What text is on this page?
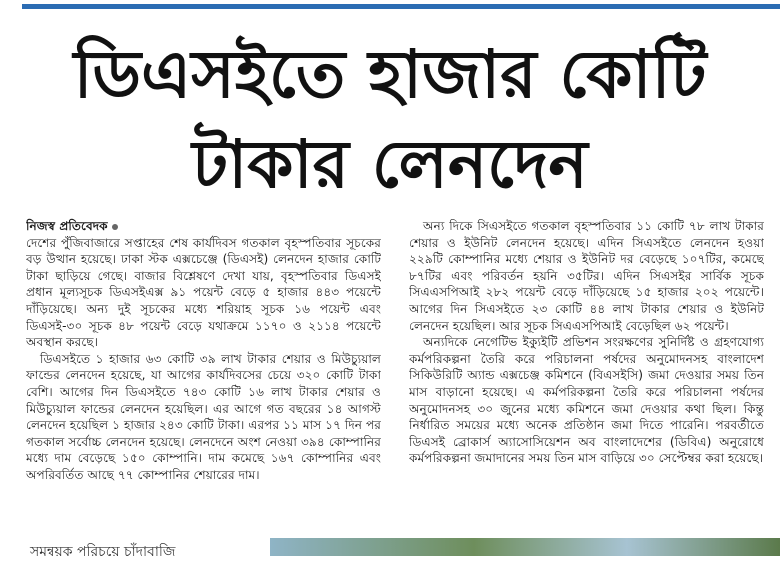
ডিএসইতে হাজার কোটি
টাকার লেনদেন

নিজস্ব প্রতিবেদক

দেশের পুঁজিবাজারে সপ্তাহের শেষ কার্যদিবস গতকাল বৃহস্পতিবার সূচকের বড় উত্থান হয়েছে। ঢাকা স্টক এক্সচেঞ্জে (ডিএসই) লেনদেন হাজার কোটি টাকা ছাড়িয়ে গেছে। বাজার বিশ্লেষণে দেখা যায়, বৃহস্পতিবার ডিএসই প্রধান মূল্যসূচক ডিএসইএক্স ৯১ পয়েন্ট বেড়ে ৫ হাজার ৪৪৩ পয়েন্টে দাঁড়িয়েছে। অন্য দুই সূচকের মধ্যে শরিয়াহ সূচক ১৬ পয়েন্ট এবং ডিএসই-৩০ সূচক ৪৮ পয়েন্ট বেড়ে যথাক্রমে ১১৭০ ও ২১১৪ পয়েন্টে অবস্থান করছে।

ডিএসইতে ১ হাজার ৬৩ কোটি ৩৯ লাখ টাকার শেয়ার ও মিউচ্যুয়াল ফান্ডের লেনদেন হয়েছে, যা আগের কার্যদিবসের চেয়ে ৩২০ কোটি টাকা বেশি। আগের দিন ডিএসইতে ৭৪৩ কোটি ১৬ লাখ টাকার শেয়ার ও মিউচ্যুয়াল ফান্ডের লেনদেন হয়েছিল। এর আগে গত বছরের ১৪ আগস্ট লেনদেন হয়েছিল ১ হাজার ২৪৩ কোটি টাকা। এরপর ১১ মাস ১৭ দিন পর গতকাল সর্বোচ্চ লেনদেন হয়েছে। লেনদেনে অংশ নেওয়া ৩৯৪ কোম্পানির মধ্যে দাম বেড়েছে ১৫০ কোম্পানি। দাম কমেছে ১৬৭ কোম্পানির এবং অপরিবর্তিত আছে ৭৭ কোম্পানির শেয়ারের দাম।

অন্য দিকে সিএসইতে গতকাল বৃহস্পতিবার ১১ কোটি ৭৮ লাখ টাকার শেয়ার ও ইউনিট লেনদেন হয়েছে। এদিন সিএসইতে লেনদেন হওয়া ২২৯টি কোম্পানির মধ্যে শেয়ার ও ইউনিট দর বেড়েছে ১০৭টির, কমেছে ৮৭টির এবং পরিবর্তন হয়নি ৩৫টির। এদিন সিএসইর সার্বিক সূচক সিএএসপিআই ২৮২ পয়েন্ট বেড়ে দাঁড়িয়েছে ১৫ হাজার ২০২ পয়েন্টে। আগের দিন সিএসইতে ২৩ কোটি ৪৪ লাখ টাকার শেয়ার ও ইউনিট লেনদেন হয়েছিল। আর সূচক সিএএসপিআই বেড়েছিল ৬২ পয়েন্ট।

অন্যদিকে নেগেটিভ ইক্যুইটি প্রভিশন সংরক্ষণের সুনির্দিষ্ট ও গ্রহণযোগ্য কর্মপরিকল্পনা তৈরি করে পরিচালনা পর্ষদের অনুমোদনসহ বাংলাদেশ সিকিউরিটি অ্যান্ড এক্সচেঞ্জ কমিশনে (বিএসইসি) জমা দেওয়ার সময় তিন মাস বাড়ানো হয়েছে। এ কর্মপরিকল্পনা তৈরি করে পরিচালনা পর্ষদের অনুমোদনসহ ৩০ জুনের মধ্যে কমিশনে জমা দেওয়ার কথা ছিল। কিন্তু নির্ধারিত সময়ের মধ্যে অনেক প্রতিষ্ঠান জমা দিতে পারেনি। পরবর্তীতে ডিএসই ব্রোকার্স অ্যাসোসিয়েশন অব বাংলাদেশের (ডিবিএ) অনুরোধে কর্মপরিকল্পনা জমাদানের সময় তিন মাস বাড়িয়ে ৩০ সেপ্টেম্বর করা হয়েছে।

সমন্বয়ক পরিচয়ে চাঁদাবাজি
